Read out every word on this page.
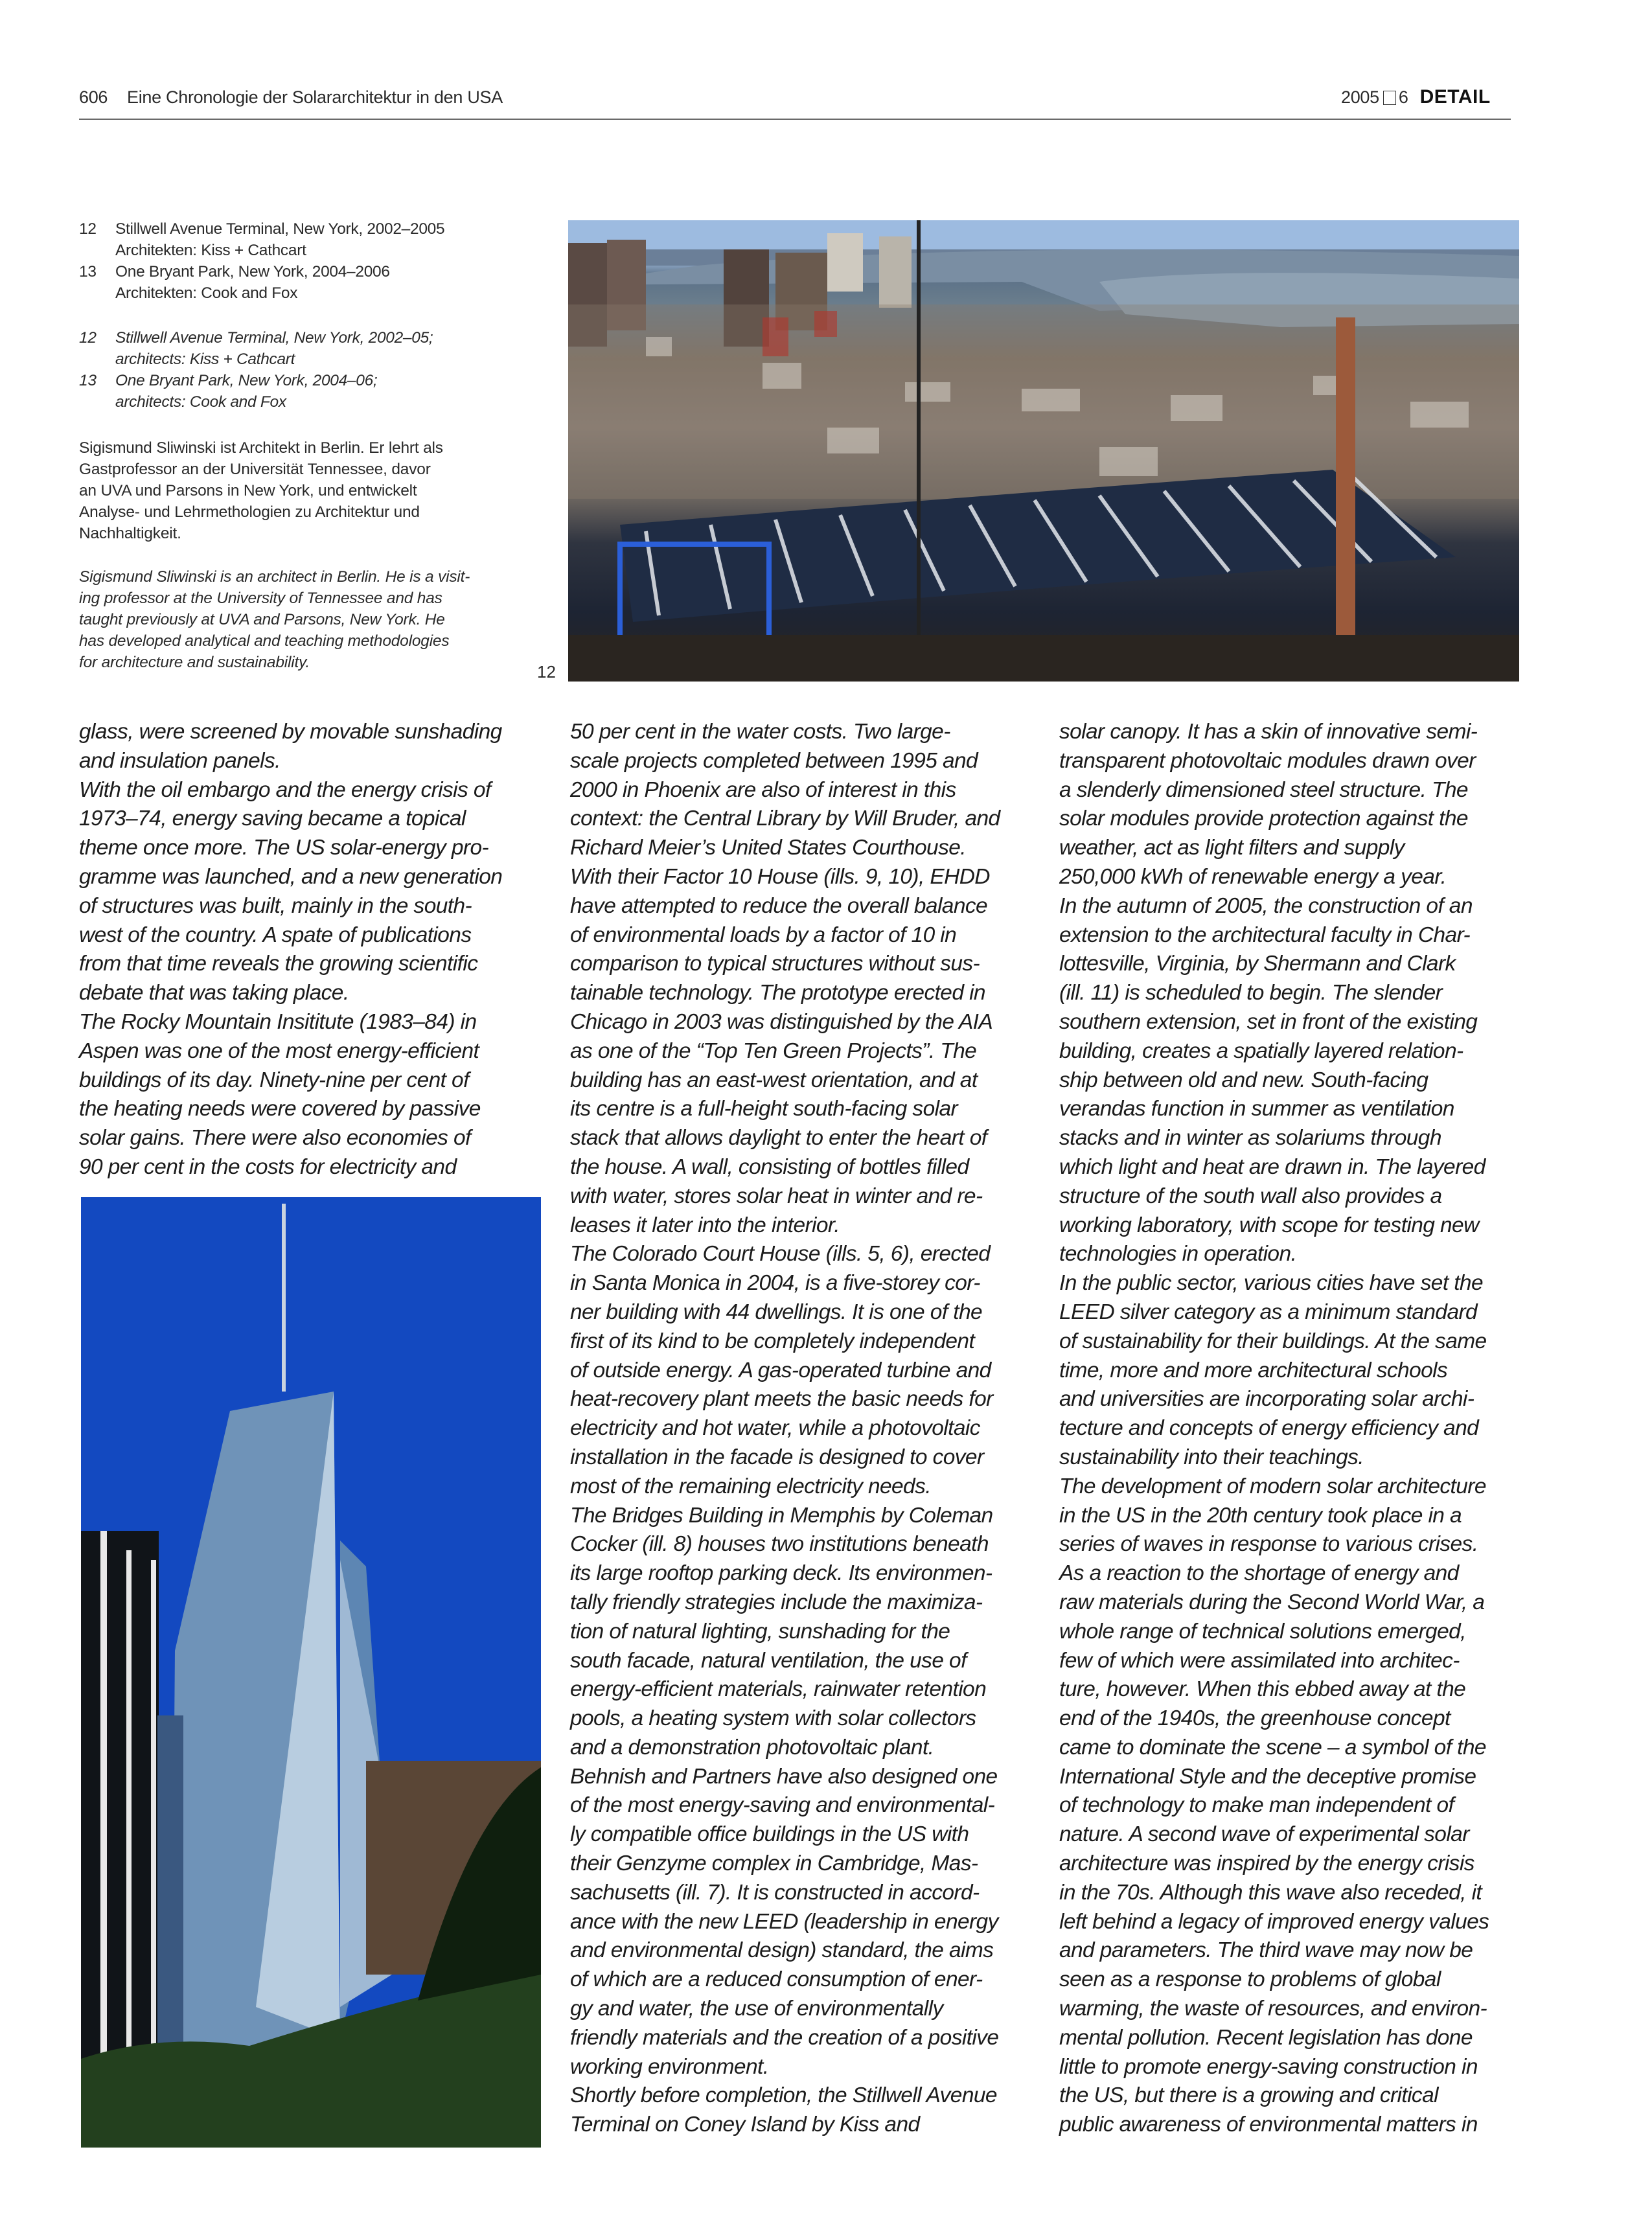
606 Eine Chronologie der Solararchitektur in den USA	2005 6 DETAIL
12 Stillwell Avenue Terminal, New York, 2002–2005
Architekten: Kiss + Cathcart
13 One Bryant Park, New York, 2004–2006
Architekten: Cook and Fox
12 Stillwell Avenue Terminal, New York, 2002–05;
architects: Kiss + Cathcart
13 One Bryant Park, New York, 2004–06;
architects: Cook and Fox
Sigismund Sliwinski ist Architekt in Berlin. Er lehrt als
Gastprofessor an der Universität Tennessee, davor
an UVA und Parsons in New York, und entwickelt
Analyse- und Lehrmethologien zu Architektur und
Nachhaltigkeit.
Sigismund Sliwinski is an architect in Berlin. He is a visit-
ing professor at the University of Tennessee and has
taught previously at UVA and Parsons, New York. He
has developed analytical and teaching methodologies
for architecture and sustainability.	12

glass, were screened by movable sunshading
and insulation panels.
With the oil embargo and the energy crisis of
1973–74, energy saving became a topical
theme once more. The US solar-energy pro-
gramme was launched, and a new generation
of structures was built, mainly in the south-
west of the country. A spate of publications
from that time reveals the growing scientific
debate that was taking place.
The Rocky Mountain Insititute (1983–84) in
Aspen was one of the most energy-efficient
buildings of its day. Ninety-nine per cent of
the heating needs were covered by passive
solar gains. There were also economies of
90 per cent in the costs for electricity and

50 per cent in the water costs. Two large-
scale projects completed between 1995 and
2000 in Phoenix are also of interest in this
context: the Central Library by Will Bruder, and
Richard Meier’s United States Courthouse.
With their Factor 10 House (ills. 9, 10), EHDD
have attempted to reduce the overall balance
of environmental loads by a factor of 10 in
comparison to typical structures without sus-
tainable technology. The prototype erected in
Chicago in 2003 was distinguished by the AIA
as one of the “Top Ten Green Projects”. The
building has an east-west orientation, and at
its centre is a full-height south-facing solar
stack that allows daylight to enter the heart of
the house. A wall, consisting of bottles filled
with water, stores solar heat in winter and re-
leases it later into the interior.
The Colorado Court House (ills. 5, 6), erected
in Santa Monica in 2004, is a five-storey cor-
ner building with 44 dwellings. It is one of the
first of its kind to be completely independent
of outside energy. A gas-operated turbine and
heat-recovery plant meets the basic needs for
electricity and hot water, while a photovoltaic
installation in the facade is designed to cover
most of the remaining electricity needs.
The Bridges Building in Memphis by Coleman
Cocker (ill. 8) houses two institutions beneath
its large rooftop parking deck. Its environmen-
tally friendly strategies include the maximiza-
tion of natural lighting, sunshading for the
south facade, natural ventilation, the use of
energy-efficient materials, rainwater retention
pools, a heating system with solar collectors
and a demonstration photovoltaic plant.
Behnish and Partners have also designed one
of the most energy-saving and environmental-
ly compatible office buildings in the US with
their Genzyme complex in Cambridge, Mas-
sachusetts (ill. 7). It is constructed in accord-
ance with the new LEED (leadership in energy
and environmental design) standard, the aims
of which are a reduced consumption of ener-
gy and water, the use of environmentally
friendly materials and the creation of a positive
working environment.
Shortly before completion, the Stillwell Avenue
Terminal on Coney Island by Kiss and

solar canopy. It has a skin of innovative semi-
transparent photovoltaic modules drawn over
a slenderly dimensioned steel structure. The
solar modules provide protection against the
weather, act as light filters and supply
250,000 kWh of renewable energy a year.
In the autumn of 2005, the construction of an
extension to the architectural faculty in Char-
lottesville, Virginia, by Shermann and Clark
(ill. 11) is scheduled to begin. The slender
southern extension, set in front of the existing
building, creates a spatially layered relation-
ship between old and new. South-facing
verandas function in summer as ventilation
stacks and in winter as solariums through
which light and heat are drawn in. The layered
structure of the south wall also provides a
working laboratory, with scope for testing new
technologies in operation.
In the public sector, various cities have set the
LEED silver category as a minimum standard
of sustainability for their buildings. At the same
time, more and more architectural schools
and universities are incorporating solar archi-
tecture and concepts of energy efficiency and
sustainability into their teachings.
The development of modern solar architecture
in the US in the 20th century took place in a
series of waves in response to various crises.
As a reaction to the shortage of energy and
raw materials during the Second World War, a
whole range of technical solutions emerged,
few of which were assimilated into architec-
ture, however. When this ebbed away at the
end of the 1940s, the greenhouse concept
came to dominate the scene – a symbol of the
International Style and the deceptive promise
of technology to make man independent of
nature. A second wave of experimental solar
architecture was inspired by the energy crisis
in the 70s. Although this wave also receded, it
left behind a legacy of improved energy values
and parameters. The third wave may now be
seen as a response to problems of global
warming, the waste of resources, and environ-
mental pollution. Recent legislation has done
little to promote energy-saving construction in
the US, but there is a growing and critical
public awareness of environmental matters in
